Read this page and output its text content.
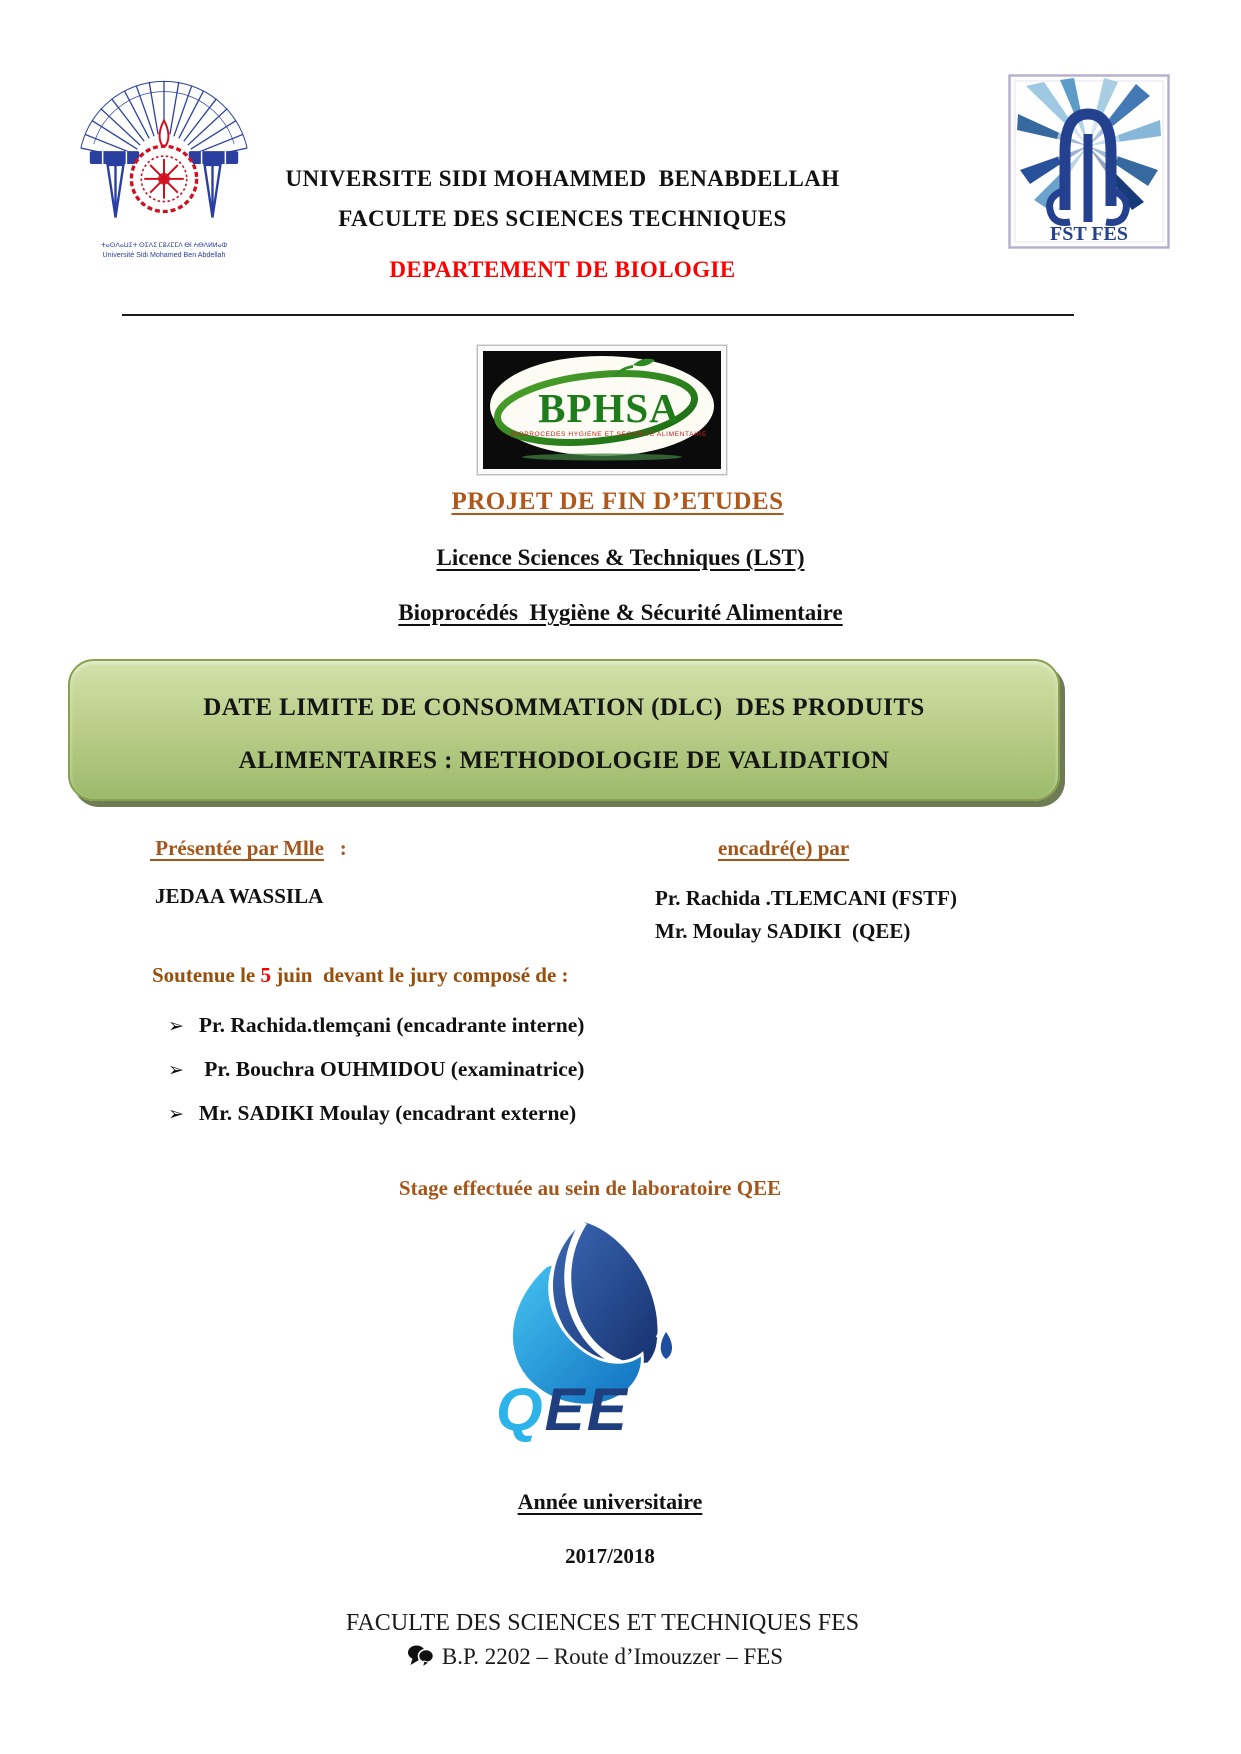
ⵜⴰⵙⴷⴰⵡⵉⵜ ⵙⵉⴷⵉ ⵎⵓⵃⵎⵎⴷ ⴱⵏ ⵄⴱⴷⵍⵍⴰⵀ
Université Sidi Mohamed Ben Abdellah
FST FES
UNIVERSITE SIDI MOHAMMED  BENABDELLAH
FACULTE DES SCIENCES TECHNIQUES
DEPARTEMENT DE BIOLOGIE
BPHSA
BIOPROCEDES HYGIENE ET SECURITE ALIMENTAIRE
PROJET DE FIN D’ETUDES
Licence Sciences & Techniques (LST)
Bioprocédés  Hygiène & Sécurité Alimentaire
DATE LIMITE DE CONSOMMATION (DLC)  DES PRODUITS
ALIMENTAIRES : METHODOLOGIE DE VALIDATION
Présentée par Mlle   :	encadré(e) par
JEDAA WASSILA	Pr. Rachida .TLEMCANI (FSTF)
Mr. Moulay SADIKI  (QEE)
Soutenue le 5 juin  devant le jury composé de :
➢ Pr. Rachida.tlemçani (encadrante interne)
➢ Pr. Bouchra OUHMIDOU (examinatrice)
➢ Mr. SADIKI Moulay (encadrant externe)
Stage effectuée au sein de laboratoire QEE
QEE
Année universitaire
2017/2018
FACULTE DES SCIENCES ET TECHNIQUES FES
B.P. 2202 – Route d’Imouzzer – FES
